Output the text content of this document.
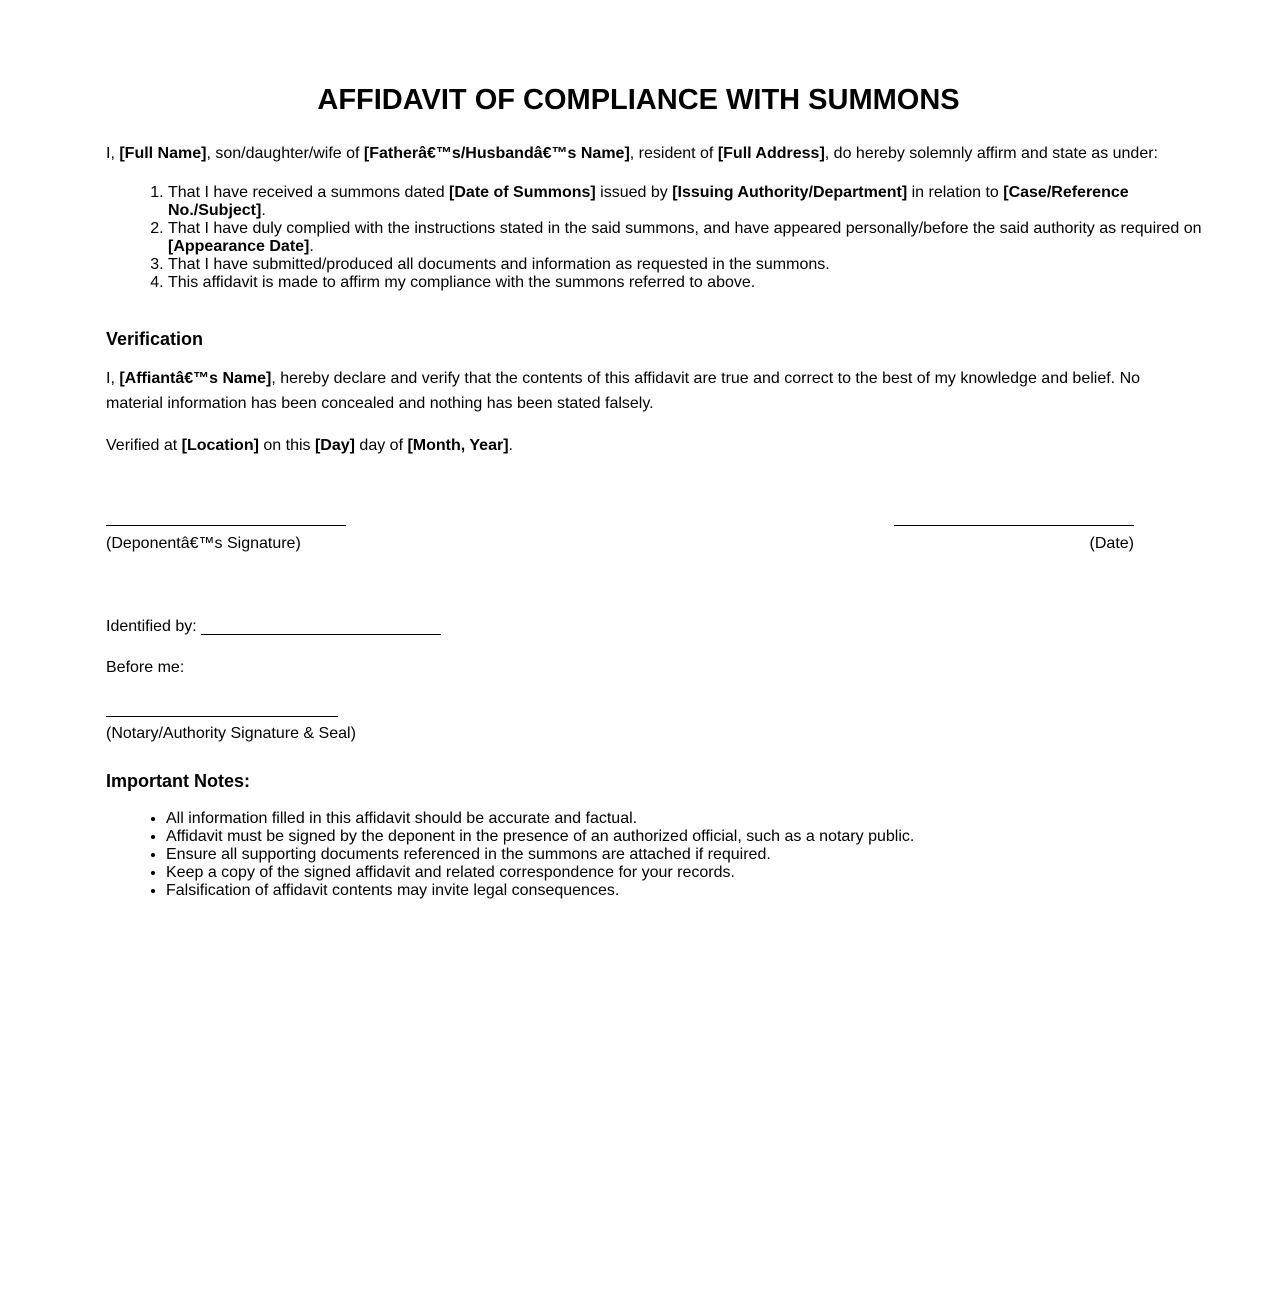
AFFIDAVIT OF COMPLIANCE WITH SUMMONS

I, [Full Name], son/daughter/wife of [Fatherâ€™s/Husbandâ€™s Name], resident of [Full Address], do hereby solemnly affirm and state as under:

1. That I have received a summons dated [Date of Summons] issued by [Issuing Authority/Department] in relation to [Case/Reference No./Subject].
2. That I have duly complied with the instructions stated in the said summons, and have appeared personally/before the said authority as required on [Appearance Date].
3. That I have submitted/produced all documents and information as requested in the summons.
4. This affidavit is made to affirm my compliance with the summons referred to above.
Verification

I, [Affiantâ€™s Name], hereby declare and verify that the contents of this affidavit are true and correct to the best of my knowledge and belief. No material information has been concealed and nothing has been stated falsely.

Verified at [Location] on this [Day] day of [Month, Year].

(Deponentâ€™s Signature)	(Date)

Identified by:

Before me:

(Notary/Authority Signature & Seal)
Important Notes:
• All information filled in this affidavit should be accurate and factual.
• Affidavit must be signed by the deponent in the presence of an authorized official, such as a notary public.
• Ensure all supporting documents referenced in the summons are attached if required.
• Keep a copy of the signed affidavit and related correspondence for your records.
• Falsification of affidavit contents may invite legal consequences.
